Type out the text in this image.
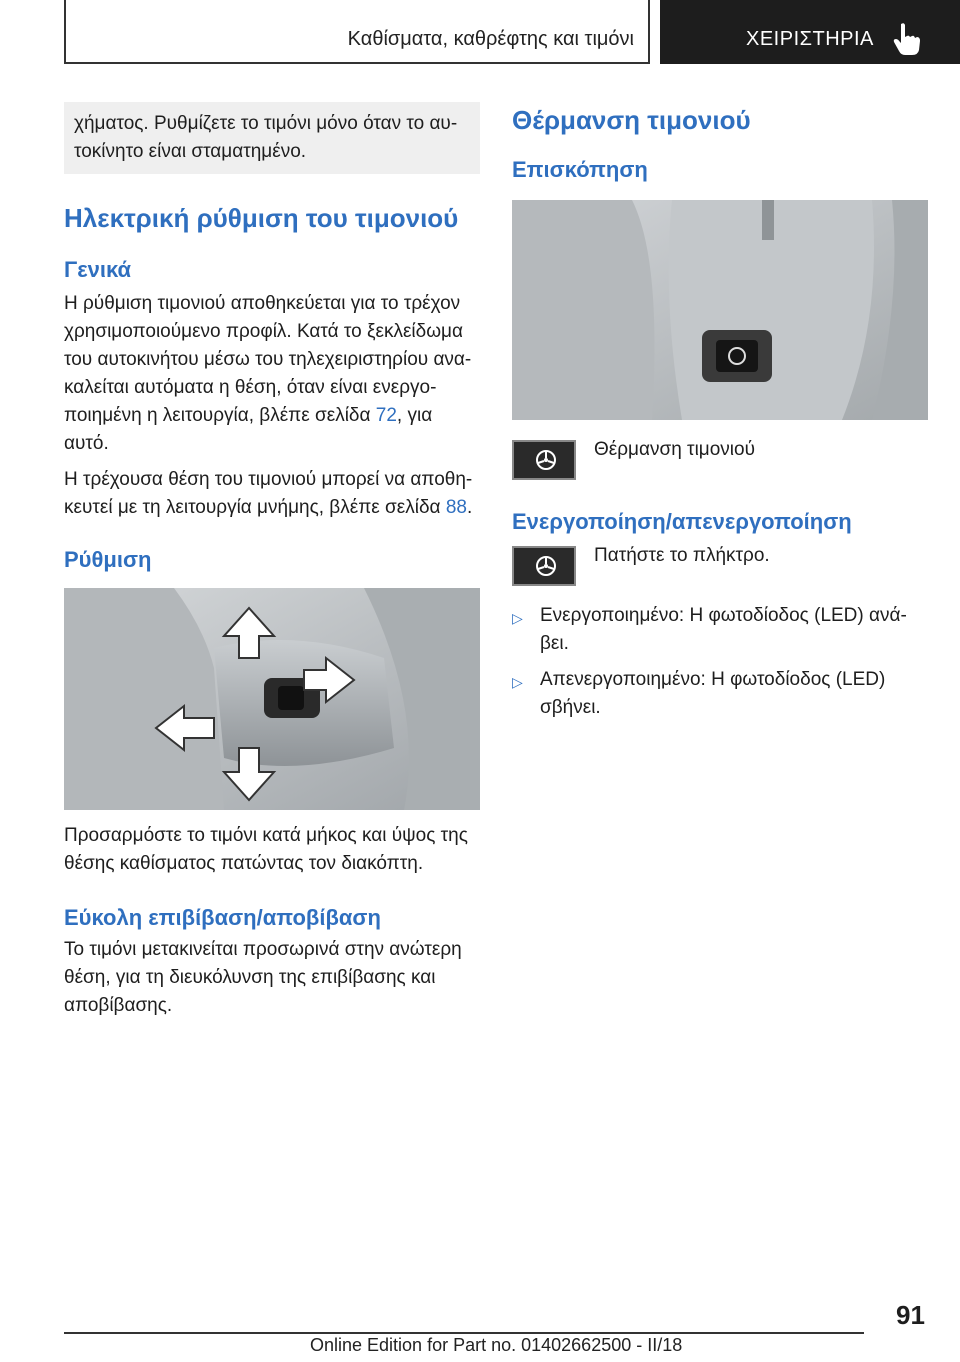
Καθίσματα, καθρέφτης και τιμόνι	ΧΕΙΡΙΣΤΗΡΙΑ

χήματος. Ρυθμίζετε το τιμόνι μόνο όταν το αυ-τοκίνητο είναι σταματημένο.

Ηλεκτρική ρύθμιση του τιμονιού
Γενικά

Η ρύθμιση τιμονιού αποθηκεύεται για το τρέχον χρησιμοποιούμενο προφίλ. Κατά το ξεκλείδωμα του αυτοκινήτου μέσω του τηλεχειριστηρίου ανα-καλείται αυτόματα η θέση, όταν είναι ενεργο-ποιημένη η λειτουργία, βλέπε σελίδα 72, για αυτό.

Η τρέχουσα θέση του τιμονιού μπορεί να αποθη-κευτεί με τη λειτουργία μνήμης, βλέπε σελίδα 88.

Ρύθμιση

Προσαρμόστε το τιμόνι κατά μήκος και ύψος της θέσης καθίσματος πατώντας τον διακόπτη.

Εύκολη επιβίβαση/αποβίβαση

Το τιμόνι μετακινείται προσωρινά στην ανώτερη θέση, για τη διευκόλυνση της επιβίβασης και αποβίβασης.

Θέρμανση τιμονιού
Επισκόπηση
Θέρμανση τιμονιού
Ενεργοποίηση/απενεργοποίηση
Πατήστε το πλήκτρο.
▷ Ενεργοποιημένο: Η φωτοδίοδος (LED) ανά-βει.
▷ Απενεργοποιημένο: Η φωτοδίοδος (LED) σβήνει.
91
Online Edition for Part no. 01402662500 - II/18
